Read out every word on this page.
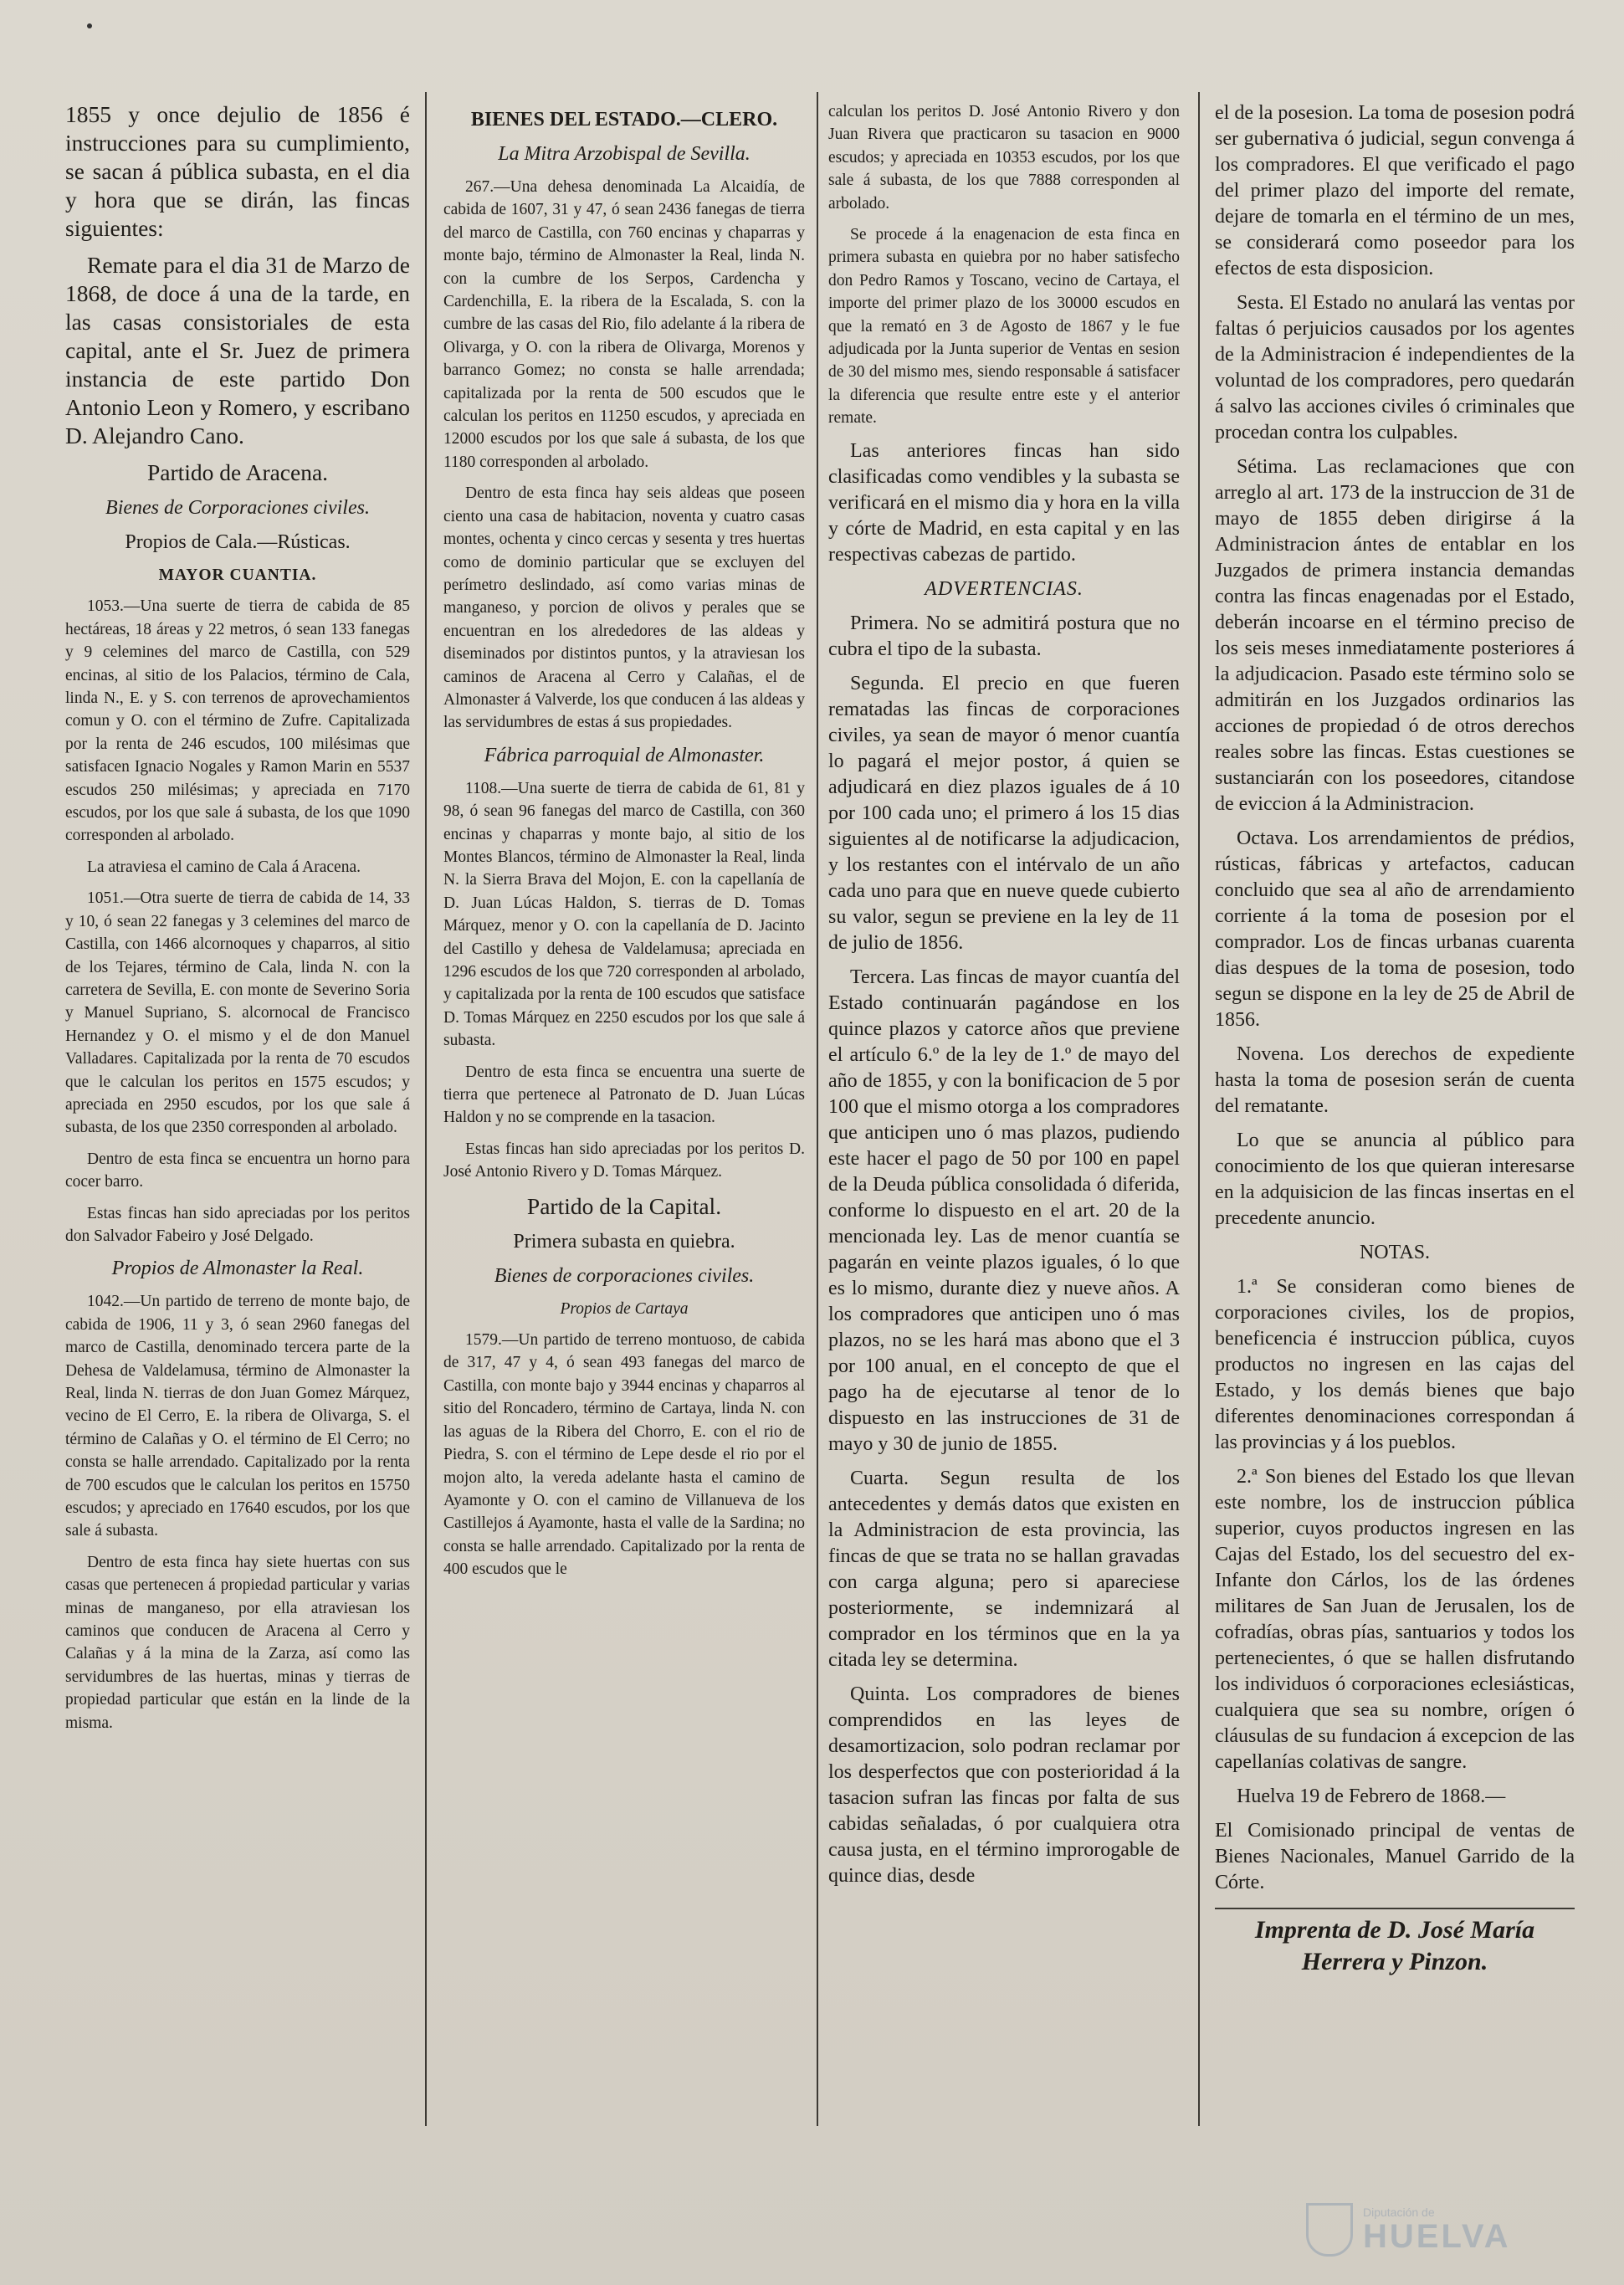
1855 y once dejulio de 1856 é instrucciones para su cumplimiento, se sacan á pública subasta, en el dia y hora que se dirán, las fincas siguientes:

Remate para el dia 31 de Marzo de 1868, de doce á una de la tarde, en las casas consistoriales de esta capital, ante el Sr. Juez de primera instancia de este partido Don Antonio Leon y Romero, y escribano D. Alejandro Cano.

Partido de Aracena.

Bienes de Corporaciones civiles.

Propios de Cala.—Rústicas.

MAYOR CUANTIA.

1053.—Una suerte de tierra de cabida de 85 hectáreas, 18 áreas y 22 metros, ó sean 133 fanegas y 9 celemines del marco de Castilla, con 529 encinas, al sitio de los Palacios, término de Cala, linda N., E. y S. con terrenos de aprovechamientos comun y O. con el término de Zufre. Capitalizada por la renta de 246 escudos, 100 milésimas que satisfacen Ignacio Nogales y Ramon Marin en 5537 escudos 250 milésimas; y apreciada en 7170 escudos, por los que sale á subasta, de los que 1090 corresponden al arbolado.

La atraviesa el camino de Cala á Aracena.

1051.—Otra suerte de tierra de cabida de 14, 33 y 10, ó sean 22 fanegas y 3 celemines del marco de Castilla, con 1466 alcornoques y chaparros, al sitio de los Tejares, término de Cala, linda N. con la carretera de Sevilla, E. con monte de Severino Soria y Manuel Supriano, S. alcornocal de Francisco Hernandez y O. el mismo y el de don Manuel Valladares. Capitalizada por la renta de 70 escudos que le calculan los peritos en 1575 escudos; y apreciada en 2950 escudos, por los que sale á subasta, de los que 2350 corresponden al arbolado.

Dentro de esta finca se encuentra un horno para cocer barro.

Estas fincas han sido apreciadas por los peritos don Salvador Fabeiro y José Delgado.

Propios de Almonaster la Real.

1042.—Un partido de terreno de monte bajo, de cabida de 1906, 11 y 3, ó sean 2960 fanegas del marco de Castilla, denominado tercera parte de la Dehesa de Valdelamusa, término de Almonaster la Real, linda N. tierras de don Juan Gomez Márquez, vecino de El Cerro, E. la ribera de Olivarga, S. el término de Calañas y O. el término de El Cerro; no consta se halle arrendado. Capitalizado por la renta de 700 escudos que le calculan los peritos en 15750 escudos; y apreciado en 17640 escudos, por los que sale á subasta.

Dentro de esta finca hay siete huertas con sus casas que pertenecen á propiedad particular y varias minas de manganeso, por ella atraviesan los caminos que conducen de Aracena al Cerro y Calañas y á la mina de la Zarza, así como las servidumbres de las huertas, minas y tierras de propiedad particular que están en la linde de la misma.

BIENES DEL ESTADO.—CLERO.

La Mitra Arzobispal de Sevilla.

267.—Una dehesa denominada La Alcaidía, de cabida de 1607, 31 y 47, ó sean 2436 fanegas de tierra del marco de Castilla, con 760 encinas y chaparras y monte bajo, término de Almonaster la Real, linda N. con la cumbre de los Serpos, Cardencha y Cardenchilla, E. la ribera de la Escalada, S. con la cumbre de las casas del Rio, filo adelante á la ribera de Olivarga, y O. con la ribera de Olivarga, Morenos y barranco Gomez; no consta se halle arrendada; capitalizada por la renta de 500 escudos que le calculan los peritos en 11250 escudos, y apreciada en 12000 escudos por los que sale á subasta, de los que 1180 corresponden al arbolado.

Dentro de esta finca hay seis aldeas que poseen ciento una casa de habitacion, noventa y cuatro casas montes, ochenta y cinco cercas y sesenta y tres huertas como de dominio particular que se excluyen del perímetro deslindado, así como varias minas de manganeso, y porcion de olivos y perales que se encuentran en los alrededores de las aldeas y diseminados por distintos puntos, y la atraviesan los caminos de Aracena al Cerro y Calañas, el de Almonaster á Valverde, los que conducen á las aldeas y las servidumbres de estas á sus propiedades.

Fábrica parroquial de Almonaster.

1108.—Una suerte de tierra de cabida de 61, 81 y 98, ó sean 96 fanegas del marco de Castilla, con 360 encinas y chaparras y monte bajo, al sitio de los Montes Blancos, término de Almonaster la Real, linda N. la Sierra Brava del Mojon, E. con la capellanía de D. Juan Lúcas Haldon, S. tierras de D. Tomas Márquez, menor y O. con la capellanía de D. Jacinto del Castillo y dehesa de Valdelamusa; apreciada en 1296 escudos de los que 720 corresponden al arbolado, y capitalizada por la renta de 100 escudos que satisface D. Tomas Márquez en 2250 escudos por los que sale á subasta.

Dentro de esta finca se encuentra una suerte de tierra que pertenece al Patronato de D. Juan Lúcas Haldon y no se comprende en la tasacion.

Estas fincas han sido apreciadas por los peritos D. José Antonio Rivero y D. Tomas Márquez.

Partido de la Capital.

Primera subasta en quiebra.

Bienes de corporaciones civiles.

Propios de Cartaya

1579.—Un partido de terreno montuoso, de cabida de 317, 47 y 4, ó sean 493 fanegas del marco de Castilla, con monte bajo y 3944 encinas y chaparros al sitio del Roncadero, término de Cartaya, linda N. con las aguas de la Ribera del Chorro, E. con el rio de Piedra, S. con el término de Lepe desde el rio por el mojon alto, la vereda adelante hasta el camino de Ayamonte y O. con el camino de Villanueva de los Castillejos á Ayamonte, hasta el valle de la Sardina; no consta se halle arrendado. Capitalizado por la renta de 400 escudos que le

calculan los peritos D. José Antonio Rivero y don Juan Rivera que practicaron su tasacion en 9000 escudos; y apreciada en 10353 escudos, por los que sale á subasta, de los que 7888 corresponden al arbolado.

Se procede á la enagenacion de esta finca en primera subasta en quiebra por no haber satisfecho don Pedro Ramos y Toscano, vecino de Cartaya, el importe del primer plazo de los 30000 escudos en que la remató en 3 de Agosto de 1867 y le fue adjudicada por la Junta superior de Ventas en sesion de 30 del mismo mes, siendo responsable á satisfacer la diferencia que resulte entre este y el anterior remate.

Las anteriores fincas han sido clasificadas como vendibles y la subasta se verificará en el mismo dia y hora en la villa y córte de Madrid, en esta capital y en las respectivas cabezas de partido.

ADVERTENCIAS.

Primera. No se admitirá postura que no cubra el tipo de la subasta.

Segunda. El precio en que fueren rematadas las fincas de corporaciones civiles, ya sean de mayor ó menor cuantía lo pagará el mejor postor, á quien se adjudicará en diez plazos iguales de á 10 por 100 cada uno; el primero á los 15 dias siguientes al de notificarse la adjudicacion, y los restantes con el intérvalo de un año cada uno para que en nueve quede cubierto su valor, segun se previene en la ley de 11 de julio de 1856.

Tercera. Las fincas de mayor cuantía del Estado continuarán pagándose en los quince plazos y catorce años que previene el artículo 6.º de la ley de 1.º de mayo del año de 1855, y con la bonificacion de 5 por 100 que el mismo otorga a los compradores que anticipen uno ó mas plazos, pudiendo este hacer el pago de 50 por 100 en papel de la Deuda pública consolidada ó diferida, conforme lo dispuesto en el art. 20 de la mencionada ley. Las de menor cuantía se pagarán en veinte plazos iguales, ó lo que es lo mismo, durante diez y nueve años. A los compradores que anticipen uno ó mas plazos, no se les hará mas abono que el 3 por 100 anual, en el concepto de que el pago ha de ejecutarse al tenor de lo dispuesto en las instrucciones de 31 de mayo y 30 de junio de 1855.

Cuarta. Segun resulta de los antecedentes y demás datos que existen en la Administracion de esta provincia, las fincas de que se trata no se hallan gravadas con carga alguna; pero si apareciese posteriormente, se indemnizará al comprador en los términos que en la ya citada ley se determina.

Quinta. Los compradores de bienes comprendidos en las leyes de desamortizacion, solo podran reclamar por los desperfectos que con posterioridad á la tasacion sufran las fincas por falta de sus cabidas señaladas, ó por cualquiera otra causa justa, en el término improrogable de quince dias, desde

el de la posesion. La toma de posesion podrá ser gubernativa ó judicial, segun convenga á los compradores. El que verificado el pago del primer plazo del importe del remate, dejare de tomarla en el término de un mes, se considerará como poseedor para los efectos de esta disposicion.

Sesta. El Estado no anulará las ventas por faltas ó perjuicios causados por los agentes de la Administracion é independientes de la voluntad de los compradores, pero quedarán á salvo las acciones civiles ó criminales que procedan contra los culpables.

Sétima. Las reclamaciones que con arreglo al art. 173 de la instruccion de 31 de mayo de 1855 deben dirigirse á la Administracion ántes de entablar en los Juzgados de primera instancia demandas contra las fincas enagenadas por el Estado, deberán incoarse en el término preciso de los seis meses inmediatamente posteriores á la adjudicacion. Pasado este término solo se admitirán en los Juzgados ordinarios las acciones de propiedad ó de otros derechos reales sobre las fincas. Estas cuestiones se sustanciarán con los poseedores, citandose de eviccion á la Administracion.

Octava. Los arrendamientos de prédios, rústicas, fábricas y artefactos, caducan concluido que sea al año de arrendamiento corriente á la toma de posesion por el comprador. Los de fincas urbanas cuarenta dias despues de la toma de posesion, todo segun se dispone en la ley de 25 de Abril de 1856.

Novena. Los derechos de expediente hasta la toma de posesion serán de cuenta del rematante.

Lo que se anuncia al público para conocimiento de los que quieran interesarse en la adquisicion de las fincas insertas en el precedente anuncio.

NOTAS.

1.ª Se consideran como bienes de corporaciones civiles, los de propios, beneficencia é instruccion pública, cuyos productos no ingresen en las cajas del Estado, y los demás bienes que bajo diferentes denominaciones correspondan á las provincias y á los pueblos.

2.ª Son bienes del Estado los que llevan este nombre, los de instruccion pública superior, cuyos productos ingresen en las Cajas del Estado, los del secuestro del ex-Infante don Cárlos, los de las órdenes militares de San Juan de Jerusalen, los de cofradías, obras pías, santuarios y todos los pertenecientes, ó que se hallen disfrutando los individuos ó corporaciones eclesiásticas, cualquiera que sea su nombre, orígen ó cláusulas de su fundacion á excepcion de las capellanías colativas de sangre.

Huelva 19 de Febrero de 1868.—

El Comisionado principal de ventas de Bienes Nacionales, Manuel Garrido de la Córte.

Imprenta de D. José María
Herrera y Pinzon.
Diputación de
HUELVA
